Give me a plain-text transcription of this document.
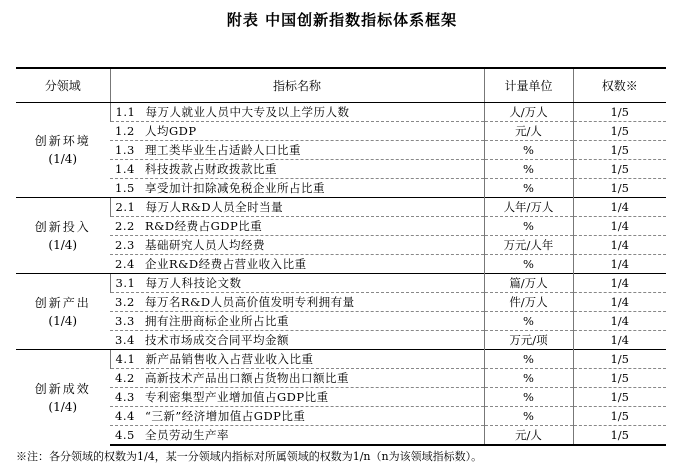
附表 中国创新指数指标体系框架
分领域	指标名称	计量单位	权数※

创新环境
(1/4)	1.1 每万人就业人员中大专及以上学历人数	人/万人	1/5
	1.2 人均GDP	元/人	1/5
	1.3 理工类毕业生占适龄人口比重	%	1/5
	1.4 科技拨款占财政拨款比重	%	1/5
	1.5 享受加计扣除减免税企业所占比重	%	1/5

创新投入
(1/4)	2.1 每万人R&D人员全时当量	人年/万人	1/4
	2.2 R&D经费占GDP比重	%	1/4
	2.3 基础研究人员人均经费	万元/人年	1/4
	2.4 企业R&D经费占营业收入比重	%	1/4

创新产出
(1/4)	3.1 每万人科技论文数	篇/万人	1/4
	3.2 每万名R&D人员高价值发明专利拥有量	件/万人	1/4
	3.3 拥有注册商标企业所占比重	%	1/4
	3.4 技术市场成交合同平均金额	万元/项	1/4

创新成效
(1/4)	4.1 新产品销售收入占营业收入比重	%	1/5
	4.2 高新技术产品出口额占货物出口额比重	%	1/5
	4.3 专利密集型产业增加值占GDP比重	%	1/5
	4.4 “三新”经济增加值占GDP比重	%	1/5
	4.5 全员劳动生产率	元/人	1/5
※注：各分领域的权数为1/4，某一分领域内指标对所属领域的权数为1/n（n为该领域指标数）。
